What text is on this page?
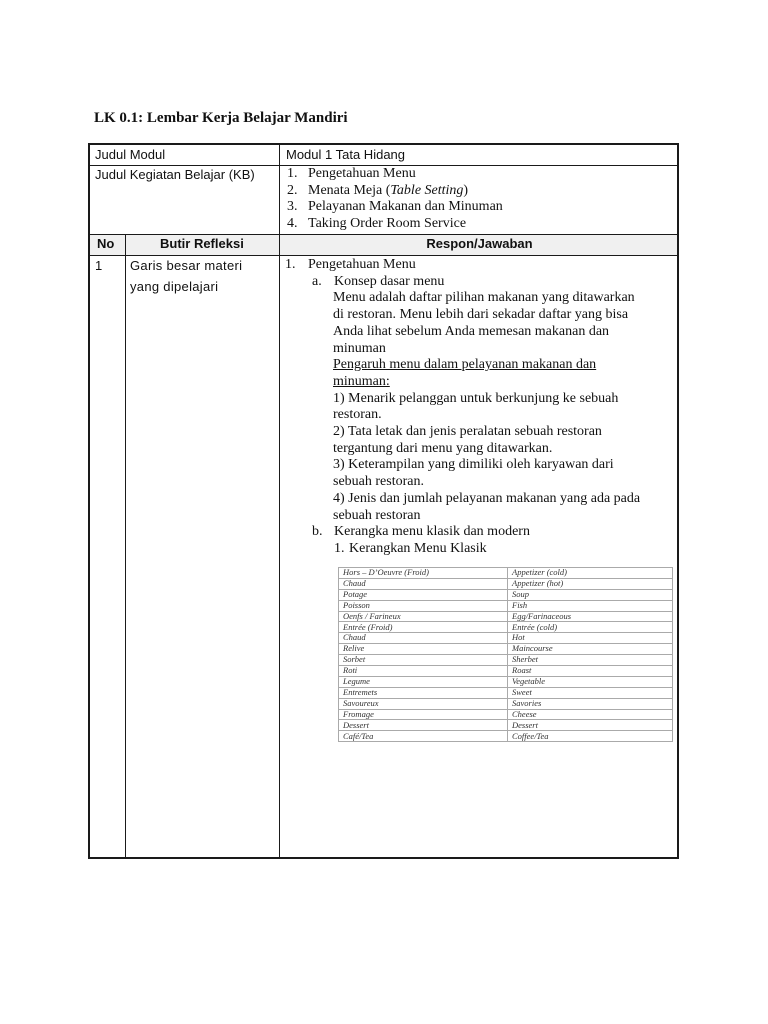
LK 0.1: Lembar Kerja Belajar Mandiri
Judul Modul	Modul 1 Tata Hidang
Judul Kegiatan Belajar (KB) 1. Pengetahuan Menu
2. Menata Meja (Table Setting)
3. Pelayanan Makanan dan Minuman
4. Taking Order Room Service
No	Butir Refleksi	Respon/Jawaban
1 Garis besar materi
yang dipelajari
1. Pengetahuan Menu
a. Konsep dasar menu
Menu adalah daftar pilihan makanan yang ditawarkan
di restoran. Menu lebih dari sekadar daftar yang bisa
Anda lihat sebelum Anda memesan makanan dan
minuman
Pengaruh menu dalam pelayanan makanan dan
minuman:
1) Menarik pelanggan untuk berkunjung ke sebuah
restoran.
2) Tata letak dan jenis peralatan sebuah restoran
tergantung dari menu yang ditawarkan.
3) Keterampilan yang dimiliki oleh karyawan dari
sebuah restoran.
4) Jenis dan jumlah pelayanan makanan yang ada pada
sebuah restoran
b. Kerangka menu klasik dan modern
1. Kerangkan Menu Klasik
Hors – D’Oeuvre (Froid)	Appetizer (cold)
Chaud	Appetizer (hot)
Potage	Soup
Poisson	Fish
Oenfs / Farineux	Egg/Farinaceous
Entrée (Froid)	Entrée (cold)
Chaud	Hot
Relive	Maincourse
Sorbet	Sherbet
Roti	Roast
Legume	Vegetable
Entremets	Sweet
Savoureux	Savories
Fromage	Cheese
Dessert	Dessert
Café/Tea	Coffee/Tea
